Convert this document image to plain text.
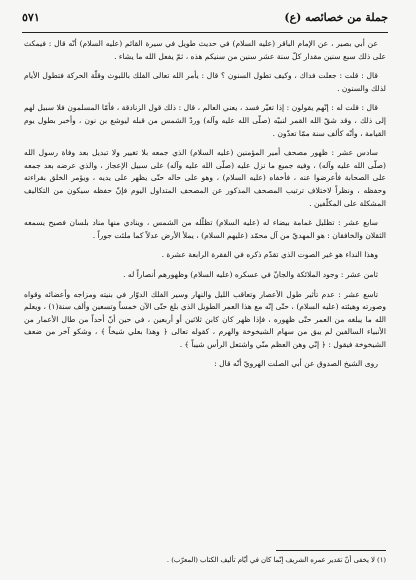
جملة من خصائصه (ع)
٥٧١

عن أبي بصير ، عن الإمام الباقر (عليه السلام) في حديث طويل في سيرة القائم (عليه السلام) أنّه قال : فيمكث على ذلك سبع سنين مقدار كلّ سنة عشر سنين من سنيكم هذه ، ثمّ يفعل الله ما يشاء .

قال : قلت : جعلت فداك ، وكيف تطول السنون ؟ قال : يأمر الله تعالى الفلك باللبوث وقلّة الحركة فتطول الأيام لذلك والسنون .

قال : قلت له : إنّهم يقولون : إذا تغيّر فسد ، يعني العالم ، قال : ذلك قول الزنادقة ، فأمّا المسلمون فلا سبيل لهم إلى ذلك ، وقد شقّ الله القمر لنبيّه (صلّى الله عليه وآله) وردّ الشمس من قبله ليوشع بن نون ، وأخبر بطول يوم القيامة ، وأنّه كألف سنة ممّا تعدّون .

سادس عشر : ظهور مصحف أمير المؤمنين (عليه السلام) الذي جمعه بلا تغيير ولا تبديل بعد وفاة رسول الله (صلّى الله عليه وآله) ، وفيه جميع ما نزل عليه (صلّى الله عليه وآله) على سبيل الإعجاز ، والذي عرضه بعد جمعه على الصحابة فأعرضوا عنه ، فأخفاه (عليه السلام) ، وهو على حاله حتّى يظهر على يديه ، ويؤمر الخلق بقراءته وحفظه ، ونظراً لاختلاف ترتيب المصحف المذكور عن المصحف المتداول اليوم فإنّ حفظه سيكون من التكاليف المشكلة على المكلّفين .

سابع عشر : تظليل غمامة بيضاء له (عليه السلام) تظلّله من الشمس ، وينادي منها مناد بلسان فصيح يسمعه الثقلان والخافقان : هو المهديّ من آل محمّد (عليهم السلام) ، يملأ الأرض عدلاً كما ملئت جوراً .

وهذا النداء هو غير الصوت الذي تقدّم ذكره في الفقرة الرابعة عشرة .

ثامن عشر : وجود الملائكة والجانّ في عسكره (عليه السلام) وظهورهم أنصاراً له .

تاسع عشر : عدم تأثير طول الأعصار وتعاقب الليل والنهار وسير الفلك الدوّار في بنيته ومزاجه وأعضائه وقواه وصورته وهيئته (عليه السلام) ، حتّى إنّه مع هذا العمر الطويل الذي بلغ حتّى الآن خمساً وتسعين وألف سنة(١) ، ويعلم الله ما يبلغه من العمر حتّى ظهوره ، فإذا ظهر كان كابن ثلاثين أو أربعين ، في حين أنّ أحداً من طال الأعمار من الأنبياء السالفين لم يبق من سهام الشيخوخة والهرم ، كقوله تعالى ﴿ وهذا بعلي شيخاً ﴾ ، وشكو آخر من ضعف الشيخوخة فيقول : ﴿ إنّي وهن العظم منّي واشتعل الرأس شيباً ﴾ .

روى الشيخ الصدوق عن أبي الصلت الهرويّ أنّه قال :

(١) لا يخفى أنّ تقدير عمره الشريف إنّما كان في أيّام تأليف الكتاب (المعرّب) .
